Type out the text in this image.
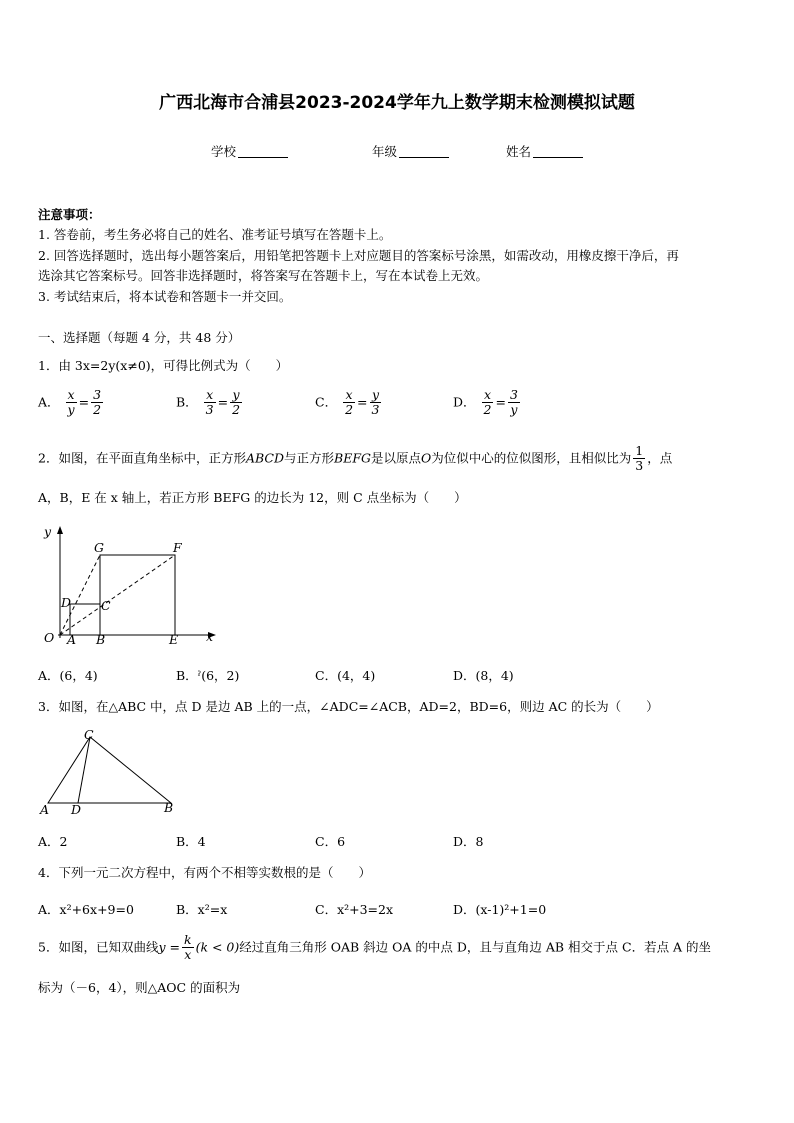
广西北海市合浦县2023-2024学年九上数学期末检测模拟试题
学校	年级	姓名
注意事项：
1. 答卷前，考生务必将自己的姓名、准考证号填写在答题卡上。
2. 回答选择题时，选出每小题答案后，用铅笔把答题卡上对应题目的答案标号涂黑，如需改动，用橡皮擦干净后，再
选涂其它答案标号。回答非选择题时，将答案写在答题卡上，写在本试卷上无效。
3. 考试结束后，将本试卷和答题卡一并交回。
一、选择题（每题 4 分，共 48 分）
1．由 3x=2y(x≠0)，可得比例式为（　　）
A． $\frac{x}{y} = \frac{3}{2}$	B． $\frac{x}{3} = \frac{y}{2}$	C． $\frac{x}{2} = \frac{y}{3}$	D． $\frac{x}{2} = \frac{3}{y}$
2．如图，在平面直角坐标中，正方形ABCD与正方形BEFG是以原点O为位似中心的位似图形，且相似比为 $\frac{1}{3}$ ，点
A，B，E 在 x 轴上，若正方形 BEFG 的边长为 12，则 C 点坐标为（　　）
y
x
G	F
D C
O A B	E
A．(6，4)	B．ˀ(6，2)	C．(4，4)	D．(8，4)
3．如图，在△ABC 中，点 D 是边 AB 上的一点，∠ADC=∠ACB，AD=2，BD=6，则边 AC 的长为（　　）
C
A D	B
A．2	B．4	C．6	D．8
4．下列一元二次方程中，有两个不相等实数根的是（　　）
A．x²+6x+9=0	B．x²=x	C．x²+3=2x	D．(x-1)²+1=0
5．如图，已知双曲线$y = \frac{k}{x} (k < 0)$经过直角三角形 OAB 斜边 OA 的中点 D，且与直角边 AB 相交于点 C．若点 A 的坐
标为（－6，4），则△AOC 的面积为
